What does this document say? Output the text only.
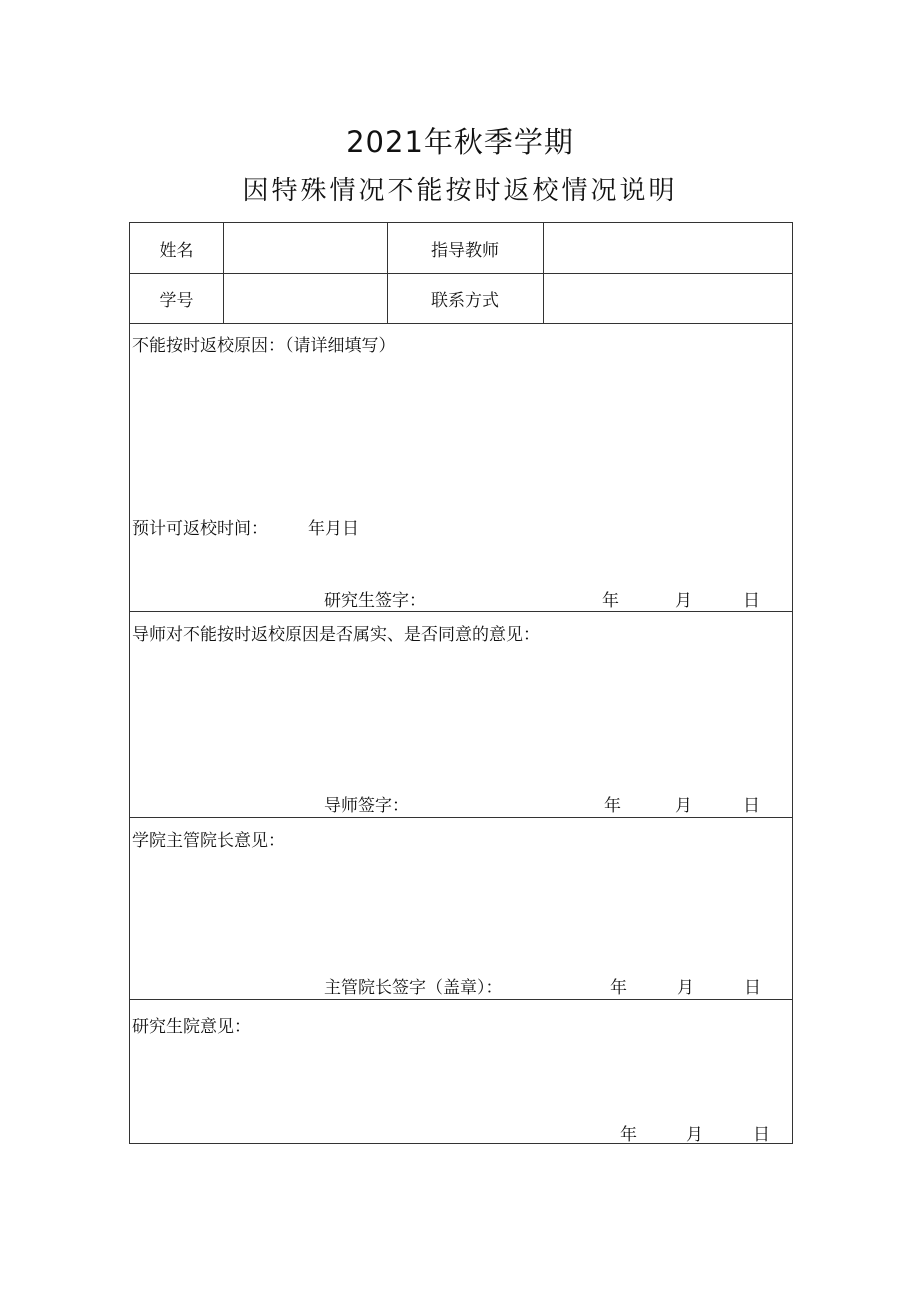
2021年秋季学期
因特殊情况不能按时返校情况说明
姓名	指导教师
学号	联系方式
不能按时返校原因：（请详细填写）
预计可返校时间： 年月日
研究生签字：	年	月	日
导师对不能按时返校原因是否属实、是否同意的意见：
导师签字：	年	月	日
学院主管院长意见：
主管院长签字（盖章）：	年	月	日
研究生院意见：
年	月	日
